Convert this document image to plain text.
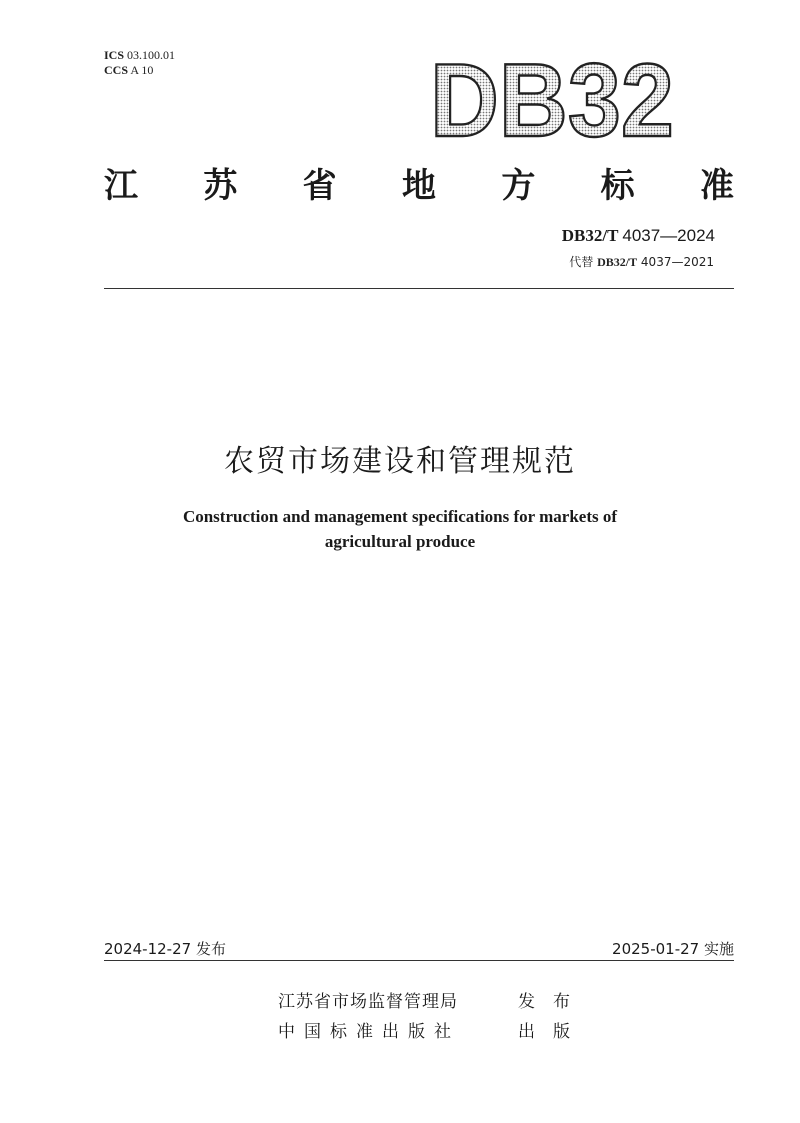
ICS 03.100.01
CCS A 10	DB32
江 苏 省 地 方 标 准
DB32/T 4037—2024
代替 DB32/T 4037—2021
农贸市场建设和管理规范
Construction and management specifications for markets of
agricultural produce
2024-12-27 发布	2025-01-27 实施
江苏省市场监督管理局	发布
中国标准出版社	出版
